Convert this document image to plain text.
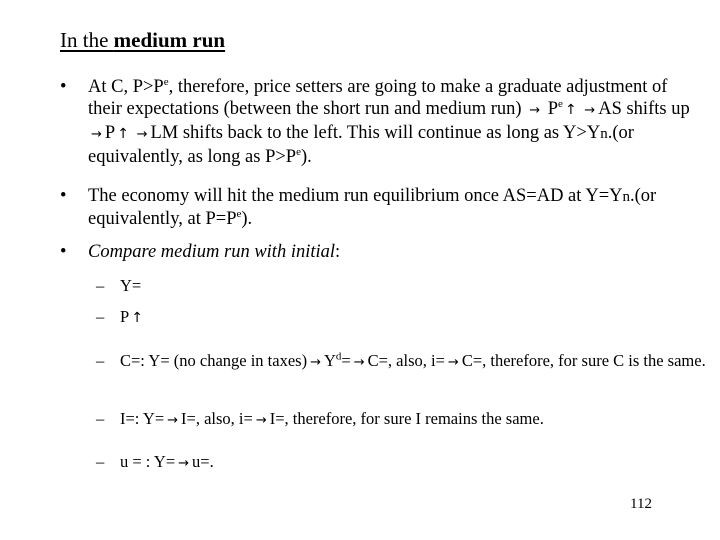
In the medium run
•	At C, $P>P^e$, therefore, price setters are going to make a graduate adjustment of their expectations (between the short run and medium $run) \to P^e$ ↑ → AS shifts up → P ↑ → LM shifts back to the left. This will continue as long as Y>Yn.(or equivalently, as long as $P>P^e$).
•	The economy will hit the medium run equilibrium once AS=AD at Y=Yn.(or equivalently, at $P=P^e$).
•	Compare medium run with initial:
– Y=
– P ↑
– C=: Y= (no change in taxes) → $Y^d= \to C=$, also, i= → C=, therefore, for sure C is the same.
– I=: Y= → I=, also, i= → I=, therefore, for sure I remains the same.
– u = : Y= → u=.
112
